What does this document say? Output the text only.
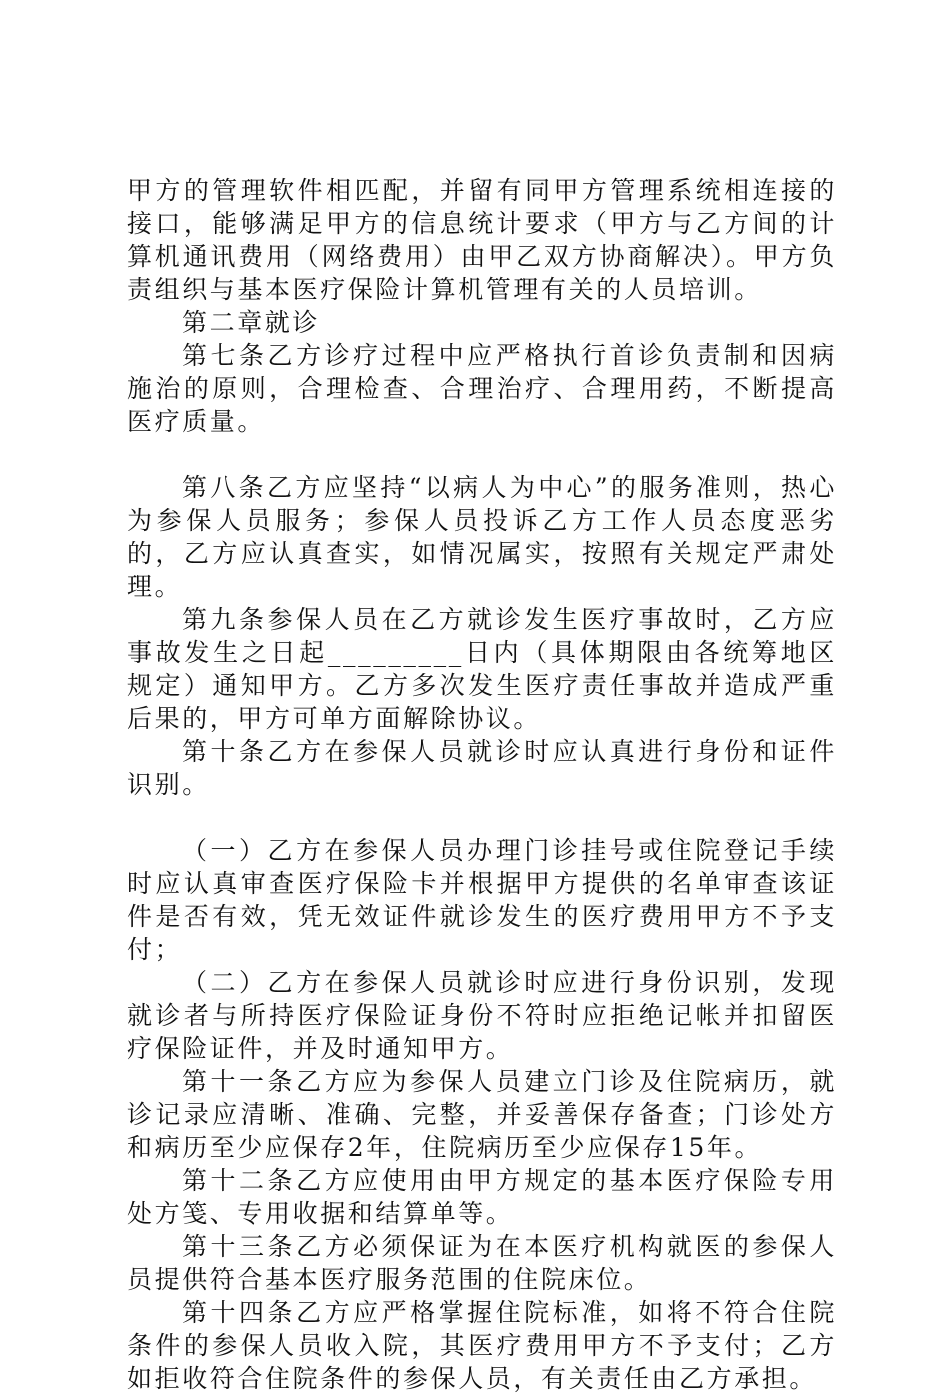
甲方的管理软件相匹配，并留有同甲方管理系统相连接的接口，能够满足甲方的信息统计要求（甲方与乙方间的计算机通讯费用（网络费用）由甲乙双方协商解决）。甲方负责组织与基本医疗保险计算机管理有关的人员培训。

第二章就诊

第七条乙方诊疗过程中应严格执行首诊负责制和因病施治的原则，合理检查、合理治疗、合理用药，不断提高医疗质量。

第八条乙方应坚持“以病人为中心”的服务准则，热心为参保人员服务；参保人员投诉乙方工作人员态度恶劣的，乙方应认真查实，如情况属实，按照有关规定严肃处理。

第九条参保人员在乙方就诊发生医疗事故时，乙方应事故发生之日起_________日内（具体期限由各统筹地区规定）通知甲方。乙方多次发生医疗责任事故并造成严重后果的，甲方可单方面解除协议。

第十条乙方在参保人员就诊时应认真进行身份和证件识别。

（一）乙方在参保人员办理门诊挂号或住院登记手续时应认真审查医疗保险卡并根据甲方提供的名单审查该证件是否有效，凭无效证件就诊发生的医疗费用甲方不予支付；

（二）乙方在参保人员就诊时应进行身份识别，发现就诊者与所持医疗保险证身份不符时应拒绝记帐并扣留医疗保险证件，并及时通知甲方。

第十一条乙方应为参保人员建立门诊及住院病历，就诊记录应清晰、准确、完整，并妥善保存备查；门诊处方和病历至少应保存2年，住院病历至少应保存15年。

第十二条乙方应使用由甲方规定的基本医疗保险专用处方笺、专用收据和结算单等。

第十三条乙方必须保证为在本医疗机构就医的参保人员提供符合基本医疗服务范围的住院床位。

第十四条乙方应严格掌握住院标准，如将不符合住院条件的参保人员收入院，其医疗费用甲方不予支付；乙方如拒收符合住院条件的参保人员，有关责任由乙方承担。
